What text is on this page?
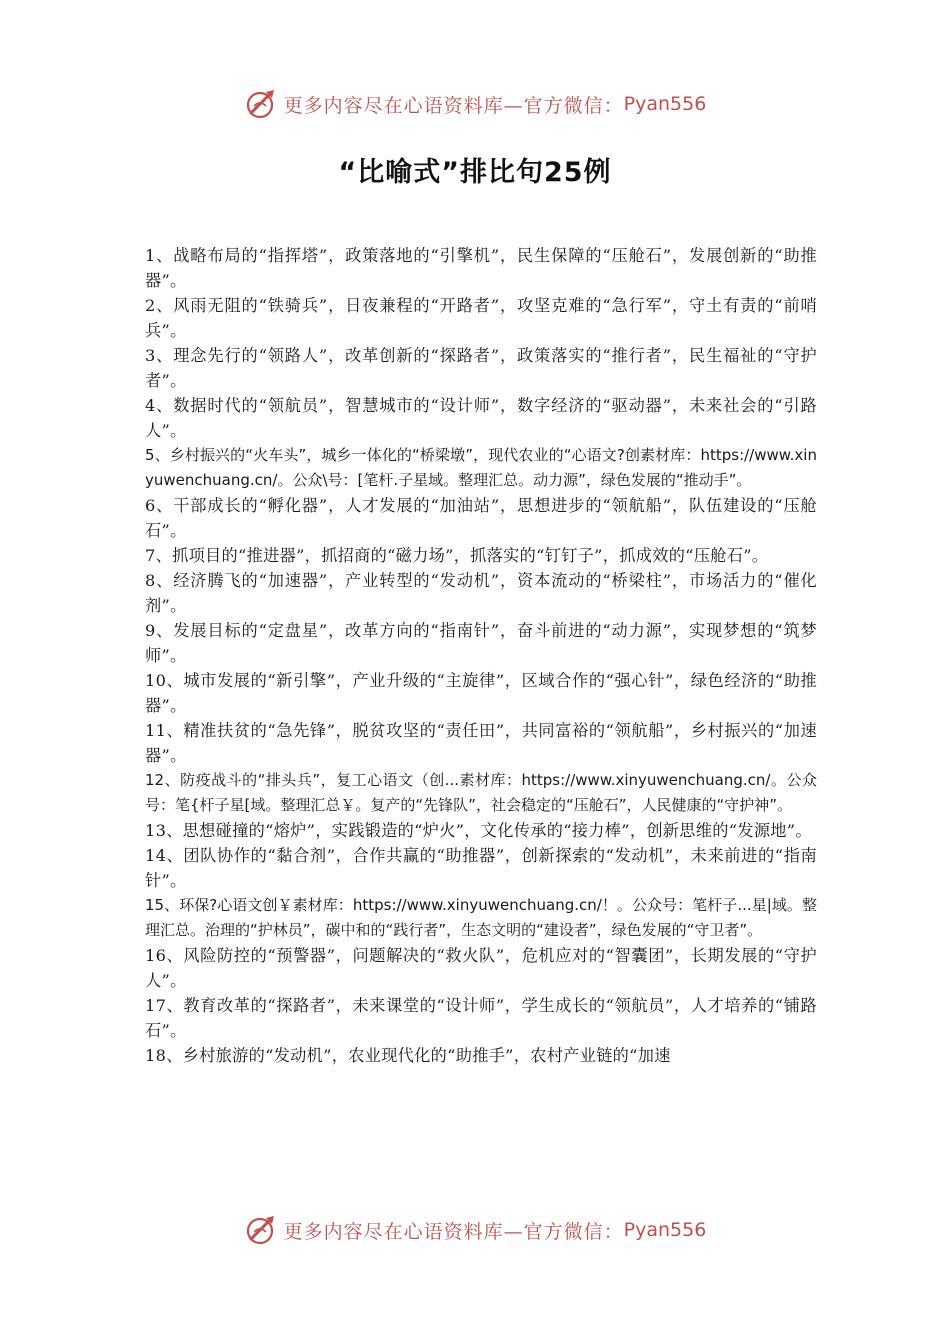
更多内容尽在心语资料库—官方微信： Pyan556
“比喻式”排比句25例
1、战略布局的“指挥塔”，政策落地的“引擎机”，民生保障的“压舱石”，发展创新的“助推器”。
2、风雨无阻的“铁骑兵”，日夜兼程的“开路者”，攻坚克难的“急行军”，守土有责的“前哨兵”。
3、理念先行的“领路人”，改革创新的“探路者”，政策落实的“推行者”，民生福祉的“守护者”。
4、数据时代的“领航员”，智慧城市的“设计师”，数字经济的“驱动器”，未来社会的“引路人”。
5、乡村振兴的“火车头”，城乡一体化的“桥梁墩”，现代农业的“心语文?创素材库：https://www.xinyuwenchuang.cn/。公众\号：[笔杆.子星域。整理汇总。动力源”，绿色发展的“推动手”。
6、干部成长的“孵化器”，人才发展的“加油站”，思想进步的“领航船”，队伍建设的“压舱石”。
7、抓项目的“推进器”，抓招商的“磁力场”，抓落实的“钉钉子”，抓成效的“压舱石”。
8、经济腾飞的“加速器”，产业转型的“发动机”，资本流动的“桥梁柱”，市场活力的“催化剂”。
9、发展目标的“定盘星”，改革方向的“指南针”，奋斗前进的“动力源”，实现梦想的“筑梦师”。
10、城市发展的“新引擎”，产业升级的“主旋律”，区域合作的“强心针”，绿色经济的“助推器”。
11、精准扶贫的“急先锋”，脱贫攻坚的“责任田”，共同富裕的“领航船”，乡村振兴的“加速器”。
12、防疫战斗的“排头兵”，复工心语文（创...素材库：https://www.xinyuwenchuang.cn/。公众号：笔{杆子星[域。整理汇总￥。复产的“先锋队”，社会稳定的“压舱石”，人民健康的“守护神”。
13、思想碰撞的“熔炉”，实践锻造的“炉火”，文化传承的“接力棒”，创新思维的“发源地”。
14、团队协作的“黏合剂”，合作共赢的“助推器”，创新探索的“发动机”，未来前进的“指南针”。
15、环保?心语文创￥素材库：https://www.xinyuwenchuang.cn/！。公众号：笔杆子...星|域。整理汇总。治理的“护林员”，碳中和的“践行者”，生态文明的“建设者”，绿色发展的“守卫者”。
16、风险防控的“预警器”，问题解决的“救火队”，危机应对的“智囊团”，长期发展的“守护人”。
17、教育改革的“探路者”，未来课堂的“设计师”，学生成长的“领航员”，人才培养的“铺路石”。
18、乡村旅游的“发动机”，农业现代化的“助推手”，农村产业链的“加速
更多内容尽在心语资料库—官方微信： Pyan556
